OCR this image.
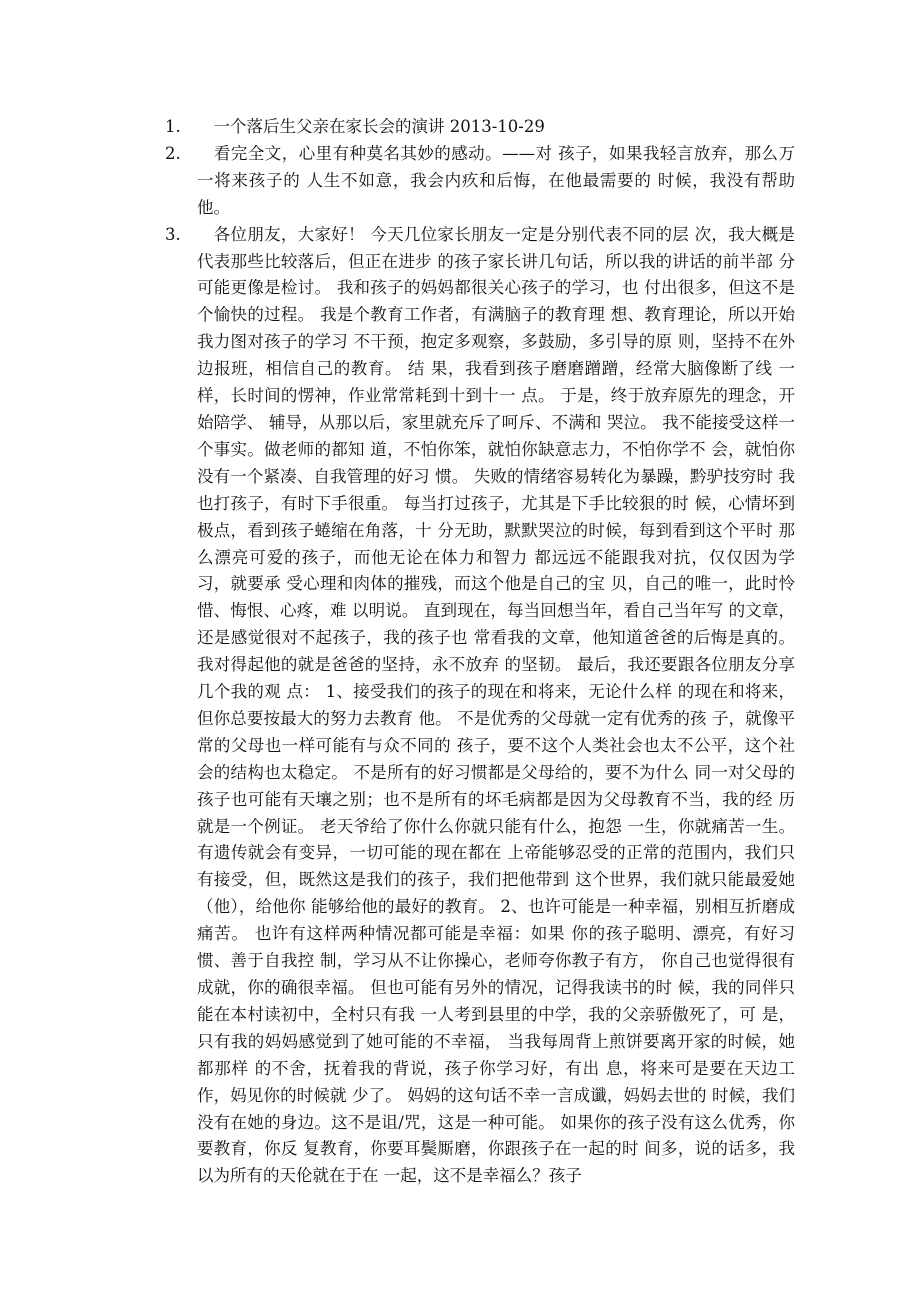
1. 　一个落后生父亲在家长会的演讲 2013-10-29
2. 　看完全文，心里有种莫名其妙的感动。——对 孩子，如果我轻言放弃，那么万一将来孩子的 人生不如意，我会内疚和后悔，在他最需要的 时候，我没有帮助他。
3. 　各位朋友，大家好！ 今天几位家长朋友一定是分别代表不同的层 次，我大概是代表那些比较落后，但正在进步 的孩子家长讲几句话，所以我的讲话的前半部 分可能更像是检讨。 我和孩子的妈妈都很关心孩子的学习，也 付出很多，但这不是个愉快的过程。 我是个教育工作者，有满脑子的教育理 想、教育理论，所以开始我力图对孩子的学习 不干预，抱定多观察，多鼓励，多引导的原 则，坚持不在外边报班，相信自己的教育。 结 果，我看到孩子磨磨蹭蹭，经常大脑像断了线 一样，长时间的愣神，作业常常耗到十到十一 点。 于是，终于放弃原先的理念，开始陪学、 辅导，从那以后，家里就充斥了呵斥、不满和 哭泣。 我不能接受这样一个事实。做老师的都知 道，不怕你笨，就怕你缺意志力，不怕你学不 会，就怕你没有一个紧凑、自我管理的好习 惯。 失败的情绪容易转化为暴躁，黔驴技穷时 我也打孩子，有时下手很重。 每当打过孩子，尤其是下手比较狠的时 候，心情坏到极点，看到孩子蜷缩在角落，十 分无助，默默哭泣的时候，每到看到这个平时 那么漂亮可爱的孩子，而他无论在体力和智力 都远远不能跟我对抗，仅仅因为学习，就要承 受心理和肉体的摧残，而这个他是自己的宝 贝，自己的唯一，此时怜惜、悔恨、心疼，难 以明说。 直到现在，每当回想当年，看自己当年写 的文章，还是感觉很对不起孩子，我的孩子也 常看我的文章，他知道爸爸的后悔是真的。 我对得起他的就是爸爸的坚持，永不放弃 的坚韧。 最后，我还要跟各位朋友分享几个我的观 点： 1、接受我们的孩子的现在和将来，无论什么样 的现在和将来，但你总要按最大的努力去教育 他。 不是优秀的父母就一定有优秀的孩 子，就像平常的父母也一样可能有与众不同的 孩子，要不这个人类社会也太不公平，这个社 会的结构也太稳定。 不是所有的好习惯都是父母给的，要不为什么 同一对父母的孩子也可能有天壤之别；也不是所有的坏毛病都是因为父母教育不当，我的经 历就是一个例证。 老天爷给了你什么你就只能有什么，抱怨 一生，你就痛苦一生。 有遗传就会有变异，一切可能的现在都在 上帝能够忍受的正常的范围内，我们只有接受，但，既然这是我们的孩子，我们把他带到 这个世界，我们就只能最爱她（他），给他你 能够给他的最好的教育。 2、也许可能是一种幸福，别相互折磨成痛苦。 也许有这样两种情况都可能是幸福：如果 你的孩子聪明、漂亮，有好习惯、善于自我控 制，学习从不让你操心，老师夸你教子有方， 你自己也觉得很有成就，你的确很幸福。 但也可能有另外的情况，记得我读书的时 候，我的同伴只能在本村读初中，全村只有我 一人考到县里的中学，我的父亲骄傲死了，可 是，只有我的妈妈感觉到了她可能的不幸福， 当我每周背上煎饼要离开家的时候，她都那样 的不舍，抚着我的背说，孩子你学习好，有出 息，将来可是要在天边工作，妈见你的时候就 少了。 妈妈的这句话不幸一言成谶，妈妈去世的 时候，我们没有在她的身边。这不是诅/咒，这是一种可能。 如果你的孩子没有这么优秀，你要教育，你反 复教育，你要耳鬓厮磨，你跟孩子在一起的时 间多，说的话多，我以为所有的天伦就在于在 一起，这不是幸福么？孩子
